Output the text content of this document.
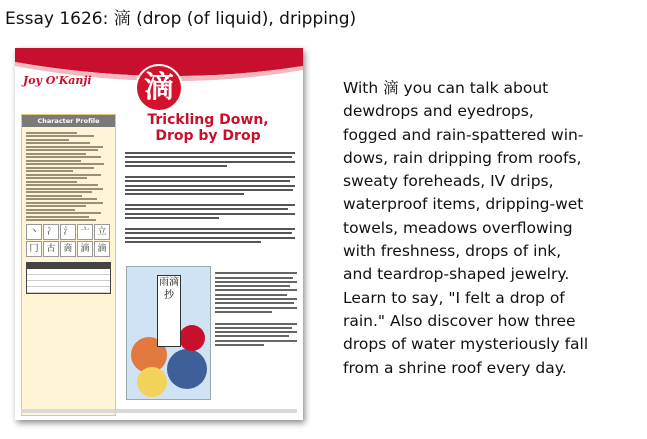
Essay 1626: 滴 (drop (of liquid), dripping)
Joy O'Kanji 滴
Character Profile
丶 冫 氵 亠 立
冂 古 啇 滴 滴
Trickling Down,
Drop by Drop
雨滴抄
With 滴 you can talk about
dewdrops and eyedrops,
fogged and rain-spattered win-
dows, rain dripping from roofs,
sweaty foreheads, IV drips,
waterproof items, dripping-wet
towels, meadows overflowing
with freshness, drops of ink,
and teardrop-shaped jewelry.
Learn to say, "I felt a drop of
rain." Also discover how three
drops of water mysteriously fall
from a shrine roof every day.
